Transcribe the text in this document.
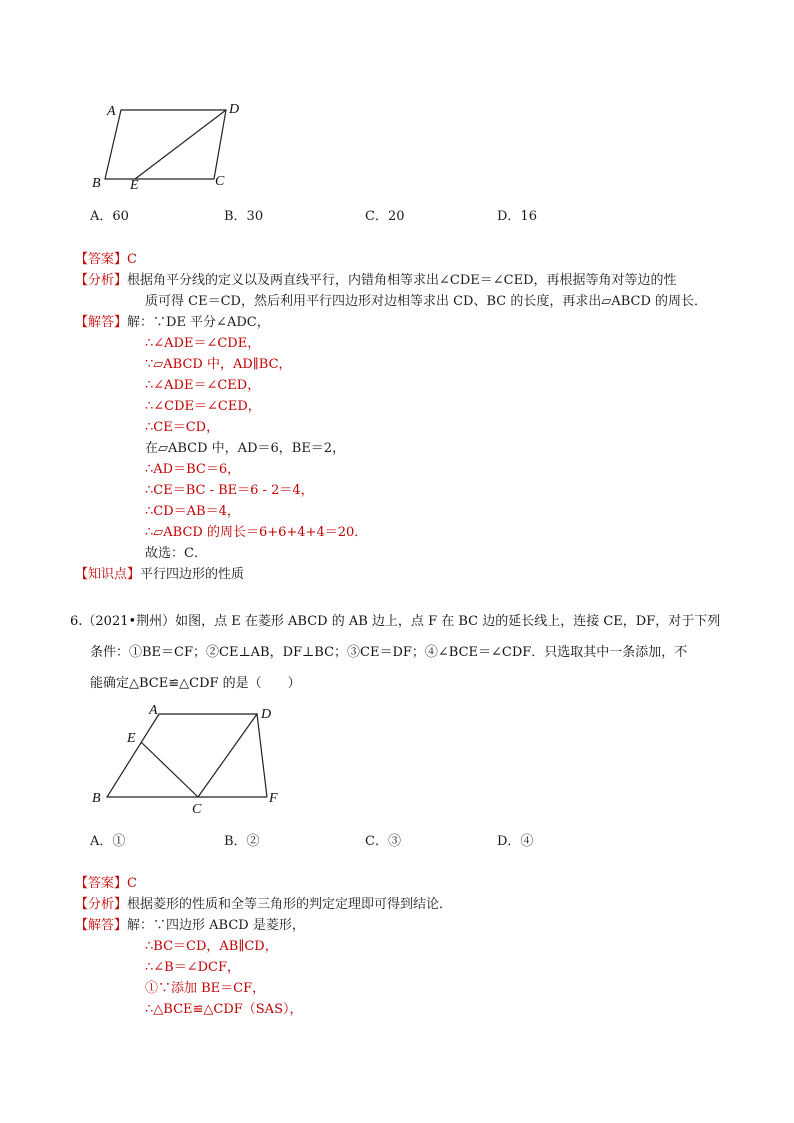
A	D
B E	C
A．60	B．30	C．20	D．16
【答案】C
【分析】根据角平分线的定义以及两直线平行，内错角相等求出∠CDE＝∠CED，再根据等角对等边的性
质可得 CE＝CD，然后利用平行四边形对边相等求出 CD、BC 的长度，再求出▱ABCD 的周长．
【解答】解：∵DE 平分∠ADC，
∴∠ADE＝∠CDE，
∵▱ABCD 中，AD∥BC，
∴∠ADE＝∠CED，
∴∠CDE＝∠CED，
∴CE＝CD，
在▱ABCD 中，AD＝6，BE＝2，
∴AD＝BC＝6，
∴CE＝BC - BE＝6 - 2＝4，
∴CD＝AB＝4，
∴▱ABCD 的周长＝6+6+4+4＝20．
故选：C．
【知识点】平行四边形的性质
6.（2021•荆州）如图，点 E 在菱形 ABCD 的 AB 边上，点 F 在 BC 边的延长线上，连接 CE，DF，对于下列
条件：①BE＝CF；②CE⊥AB，DF⊥BC；③CE＝DF；④∠BCE＝∠CDF．只选取其中一条添加，不
能确定△BCE≌△CDF 的是（　　）
A	D
E
B
C
F
A．①	B．②	C．③	D．④
【答案】C
【分析】根据菱形的性质和全等三角形的判定定理即可得到结论．
【解答】解：∵四边形 ABCD 是菱形，
∴BC＝CD，AB∥CD，
∴∠B＝∠DCF，
①∵添加 BE＝CF，
∴△BCE≌△CDF（SAS），
